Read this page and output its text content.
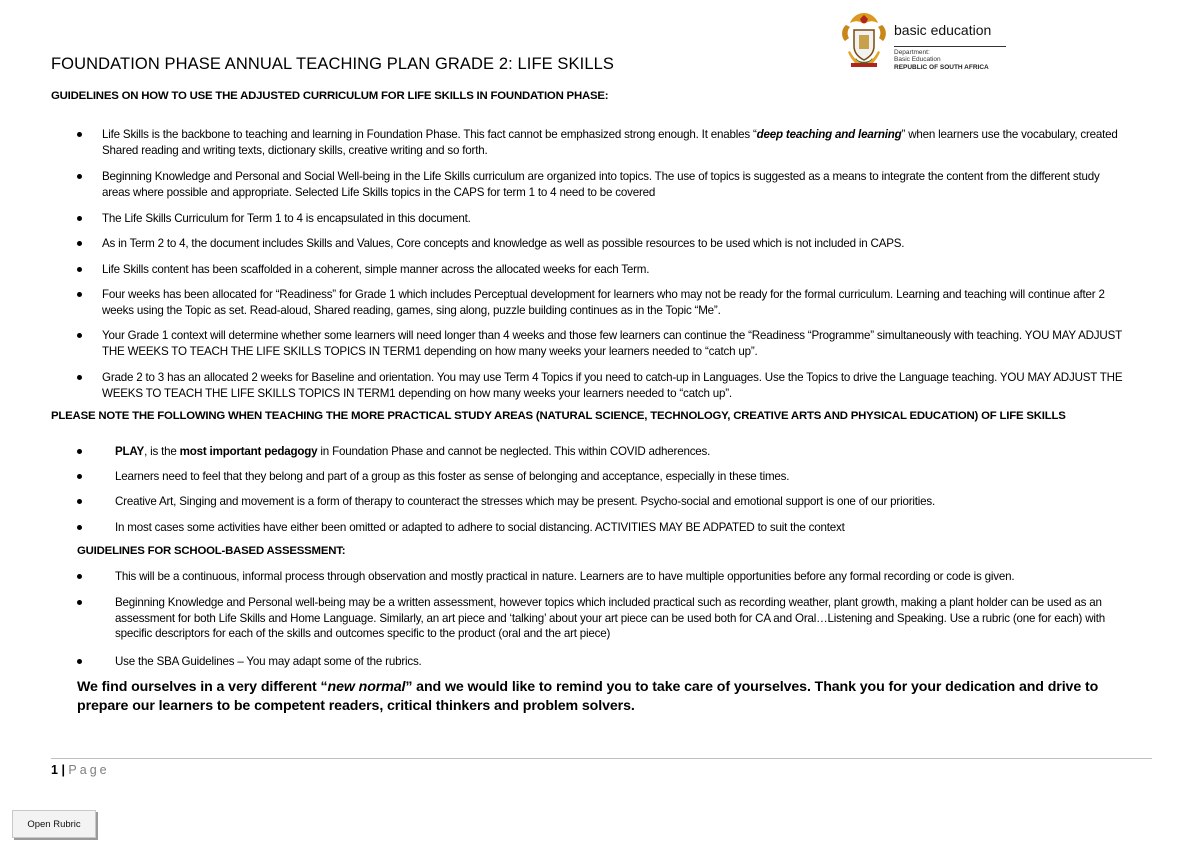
basic education
Department:
Basic Education
REPUBLIC OF SOUTH AFRICA
FOUNDATION PHASE ANNUAL TEACHING PLAN GRADE 2: LIFE SKILLS
GUIDELINES ON HOW TO USE THE ADJUSTED CURRICULUM FOR LIFE SKILLS IN FOUNDATION PHASE:
Life Skills is the backbone to teaching and learning in Foundation Phase. This fact cannot be emphasized strong enough. It enables “deep teaching and learning” when learners use the vocabulary, created Shared reading and writing texts, dictionary skills, creative writing and so forth.
Beginning Knowledge and Personal and Social Well-being in the Life Skills curriculum are organized into topics. The use of topics is suggested as a means to integrate the content from the different study areas where possible and appropriate. Selected Life Skills topics in the CAPS for term 1 to 4 need to be covered
The Life Skills Curriculum for Term 1 to 4 is encapsulated in this document.
As in Term 2 to 4, the document includes Skills and Values, Core concepts and knowledge as well as possible resources to be used which is not included in CAPS.
Life Skills content has been scaffolded in a coherent, simple manner across the allocated weeks for each Term.
Four weeks has been allocated for “Readiness” for Grade 1 which includes Perceptual development for learners who may not be ready for the formal curriculum. Learning and teaching will continue after 2 weeks using the Topic as set. Read-aloud, Shared reading, games, sing along, puzzle building continues as in the Topic “Me”.
Your Grade 1 context will determine whether some learners will need longer than 4 weeks and those few learners can continue the “Readiness “Programme” simultaneously with teaching. YOU MAY ADJUST THE WEEKS TO TEACH THE LIFE SKILLS TOPICS IN TERM1 depending on how many weeks your learners needed to “catch up”.
Grade 2 to 3 has an allocated 2 weeks for Baseline and orientation. You may use Term 4 Topics if you need to catch-up in Languages. Use the Topics to drive the Language teaching. YOU MAY ADJUST THE WEEKS TO TEACH THE LIFE SKILLS TOPICS IN TERM1 depending on how many weeks your learners needed to “catch up”.
PLEASE NOTE THE FOLLOWING WHEN TEACHING THE MORE PRACTICAL STUDY AREAS (NATURAL SCIENCE, TECHNOLOGY, CREATIVE ARTS AND PHYSICAL EDUCATION) OF LIFE SKILLS
PLAY, is the most important pedagogy in Foundation Phase and cannot be neglected. This within COVID adherences.
Learners need to feel that they belong and part of a group as this foster as sense of belonging and acceptance, especially in these times.
Creative Art, Singing and movement is a form of therapy to counteract the stresses which may be present. Psycho-social and emotional support is one of our priorities.
In most cases some activities have either been omitted or adapted to adhere to social distancing. ACTIVITIES MAY BE ADPATED to suit the context
GUIDELINES FOR SCHOOL-BASED ASSESSMENT:
This will be a continuous, informal process through observation and mostly practical in nature. Learners are to have multiple opportunities before any formal recording or code is given.
Beginning Knowledge and Personal well-being may be a written assessment, however topics which included practical such as recording weather, plant growth, making a plant holder can be used as an assessment for both Life Skills and Home Language. Similarly, an art piece and ‘talking’ about your art piece can be used both for CA and Oral…Listening and Speaking. Use a rubric (one for each) with specific descriptors for each of the skills and outcomes specific to the product (oral and the art piece)
Use the SBA Guidelines – You may adapt some of the rubrics.
We find ourselves in a very different “new normal” and we would like to remind you to take care of yourselves. Thank you for your dedication and drive to prepare our learners to be competent readers, critical thinkers and problem solvers.
1 | Page
Open Rubric
